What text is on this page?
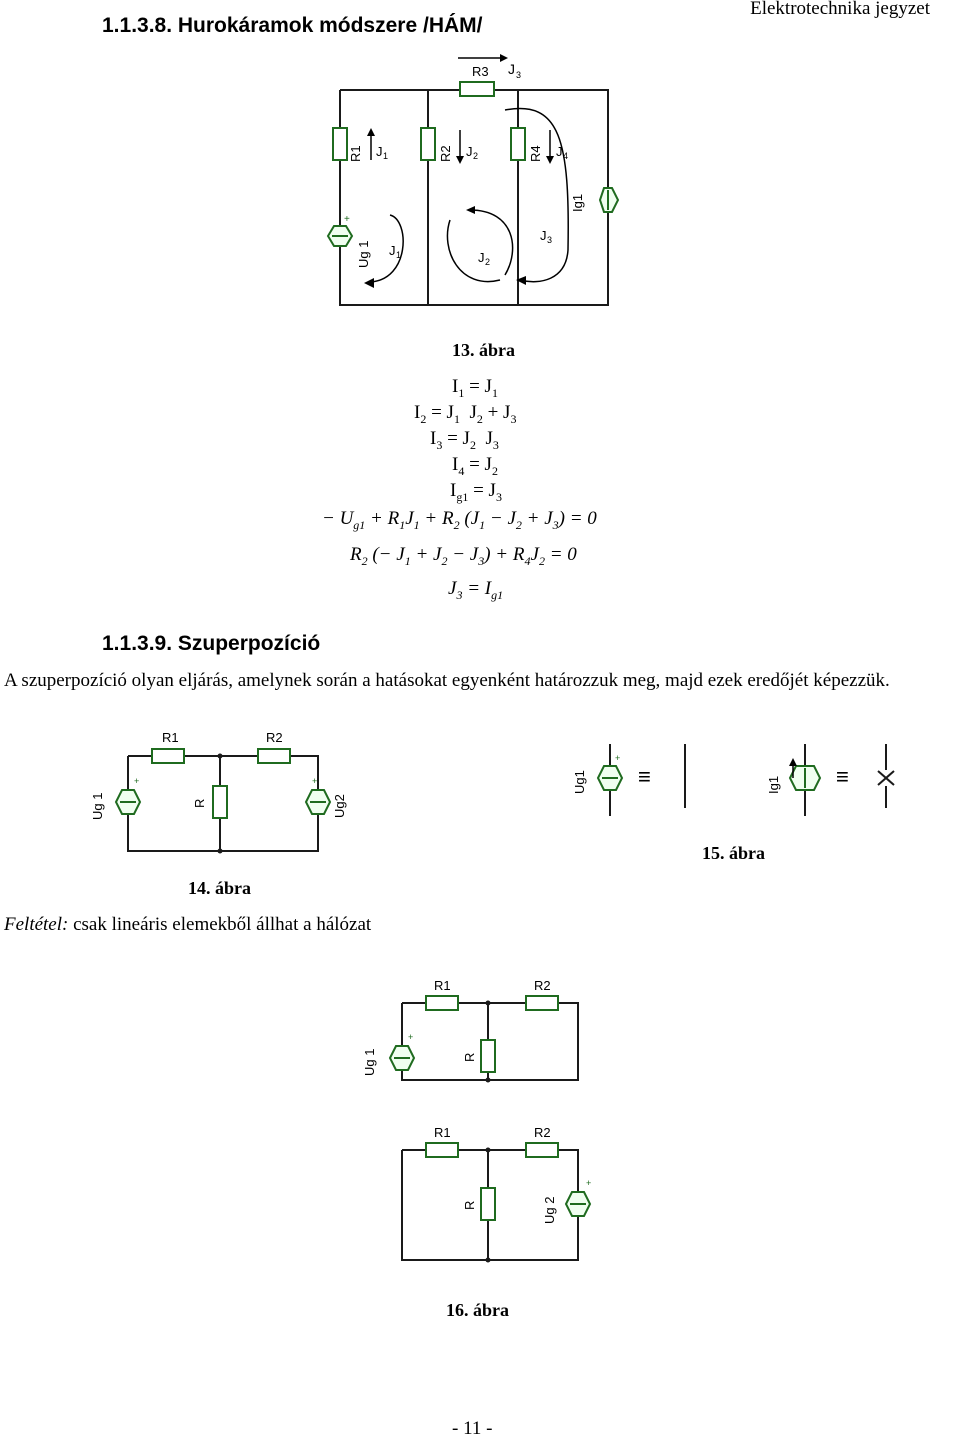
1.1.3.8. Hurokáramok módszere /HÁM/
Elektrotechnika jegyzet
R3 J 3
R1 J 1
+
Ug 1 J 1
R2 J 2
J 2
R4 J 4
Ig1
J 3
13. ábra
$I_1 = J_1$
$I_2 = J_1$  $J_2 + J_3$
$I_3 = J_2$  $J_3$
$I_4 = J_2$
$I_{g1} = J_3$
− $U_{g1} + R_1J_1 + R_2$ $(J_1 - J_2 + J_3) = 0$
$R_2$ (− $J_1 + J_2 - J_3) + R_4J_2 = 0$
$J_3 = I_{g1}$
1.1.3.9. Szuperpozíció
A szuperpozíció olyan eljárás, amelynek során a hatásokat egyenként határozzuk meg, majd ezek eredőjét képezzük.
R1	R2
R
+
Ug 1
+
Ug2
14. ábra
+
Ug1 ≡	Ig1	≡
15. ábra
Feltétel: csak lineáris elemekből állhat a hálózat
R1	R2
R
+
Ug 1
R1	R2
R
+
Ug 2
16. ábra
- 11 -
